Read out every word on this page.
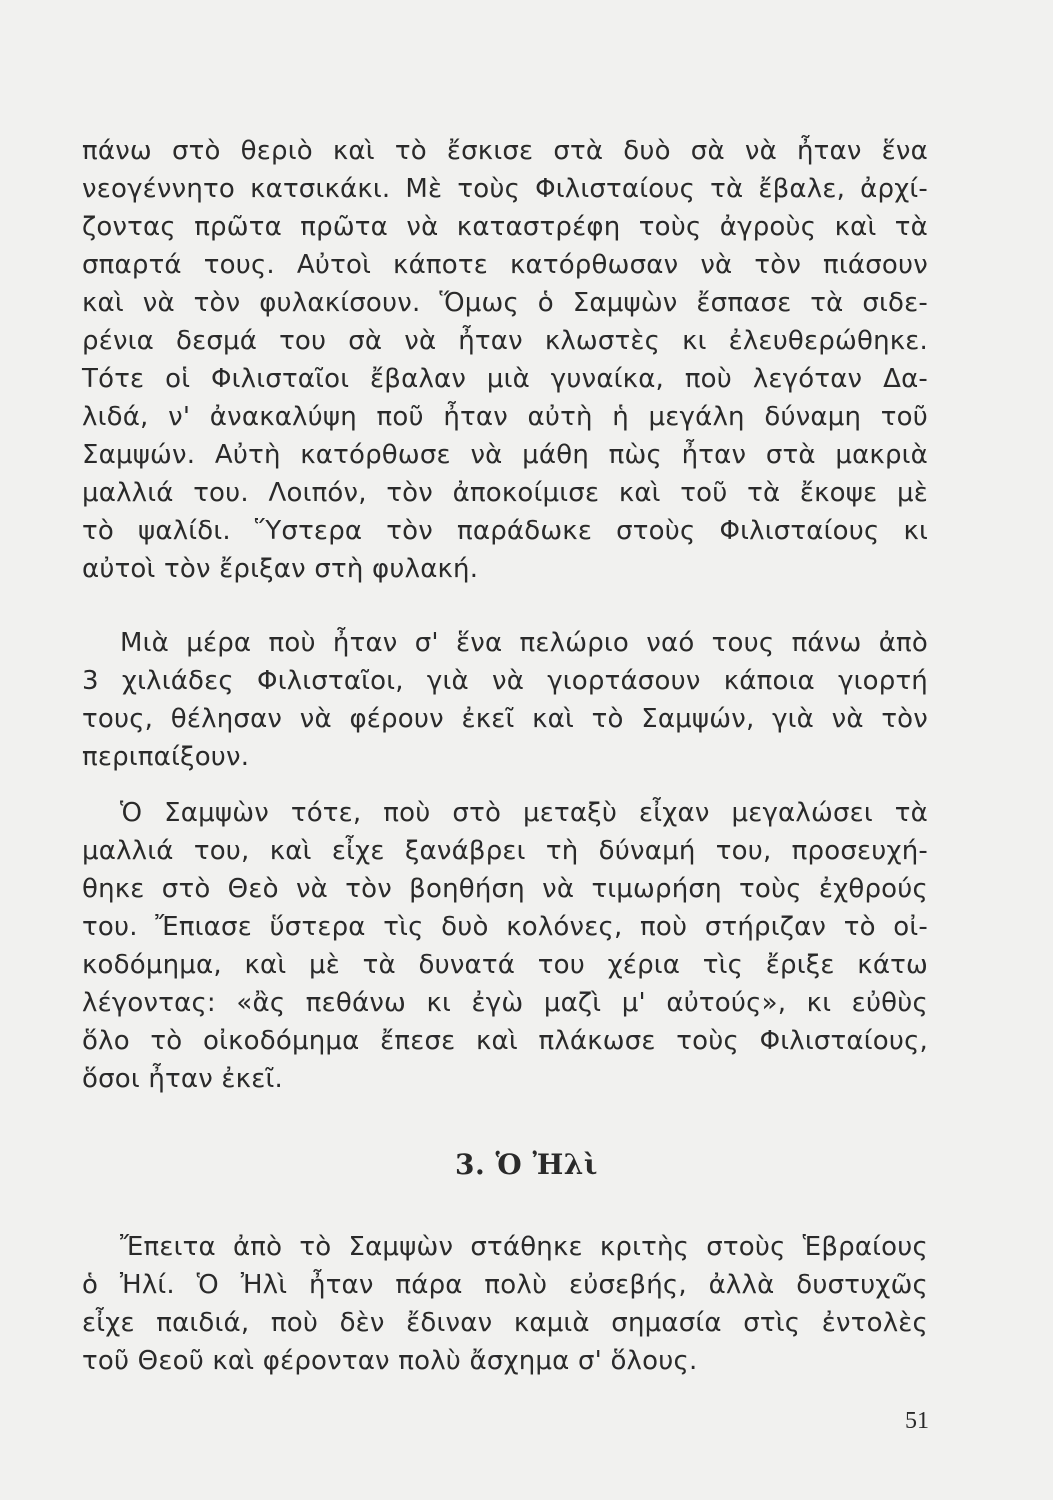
πάνω στὸ θεριὸ καὶ τὸ ἔσκισε στὰ δυὸ σὰ νὰ ἦταν ἕνα
νεογέννητο κατσικάκι. Μὲ τοὺς Φιλισταίους τὰ ἔβαλε, ἀρχί-
ζοντας πρῶτα πρῶτα νὰ καταστρέφη τοὺς ἀγροὺς καὶ τὰ
σπαρτά τους. Αὐτοὶ κάποτε κατόρθωσαν νὰ τὸν πιάσουν
καὶ νὰ τὸν φυλακίσουν. Ὅμως ὁ Σαμψὼν ἔσπασε τὰ σιδε-
ρένια δεσμά του σὰ νὰ ἦταν κλωστὲς κι ἐλευθερώθηκε.
Τότε οἱ Φιλισταῖοι ἔβαλαν μιὰ γυναίκα, ποὺ λεγόταν Δα-
λιδά, ν' ἀνακαλύψη ποῦ ἦταν αὐτὴ ἡ μεγάλη δύναμη τοῦ
Σαμψών. Αὐτὴ κατόρθωσε νὰ μάθη πὼς ἦταν στὰ μακριὰ
μαλλιά του. Λοιπόν, τὸν ἀποκοίμισε καὶ τοῦ τὰ ἔκοψε μὲ
τὸ ψαλίδι. Ὕστερα τὸν παράδωκε στοὺς Φιλισταίους κι
αὐτοὶ τὸν ἔριξαν στὴ φυλακή.
Μιὰ μέρα ποὺ ἦταν σ' ἕνα πελώριο ναό τους πάνω ἀπὸ
3 χιλιάδες Φιλισταῖοι, γιὰ νὰ γιορτάσουν κάποια γιορτή
τους, θέλησαν νὰ φέρουν ἐκεῖ καὶ τὸ Σαμψών, γιὰ νὰ τὸν
περιπαίξουν.
Ὁ Σαμψὼν τότε, ποὺ στὸ μεταξὺ εἶχαν μεγαλώσει τὰ
μαλλιά του, καὶ εἶχε ξανάβρει τὴ δύναμή του, προσευχή-
θηκε στὸ Θεὸ νὰ τὸν βοηθήση νὰ τιμωρήση τοὺς ἐχθρούς
του. Ἔπιασε ὕστερα τὶς δυὸ κολόνες, ποὺ στήριζαν τὸ οἰ-
κοδόμημα, καὶ μὲ τὰ δυνατά του χέρια τὶς ἔριξε κάτω
λέγοντας: «ἂς πεθάνω κι ἐγὼ μαζὶ μ' αὐτούς», κι εὐθὺς
ὅλο τὸ οἰκοδόμημα ἔπεσε καὶ πλάκωσε τοὺς Φιλισταίους,
ὅσοι ἦταν ἐκεῖ.
3. Ὁ Ἠλὶ
Ἔπειτα ἀπὸ τὸ Σαμψὼν στάθηκε κριτὴς στοὺς Ἑβραίους
ὁ Ἠλί. Ὁ Ἠλὶ ἦταν πάρα πολὺ εὐσεβής, ἀλλὰ δυστυχῶς
εἶχε παιδιά, ποὺ δὲν ἔδιναν καμιὰ σημασία στὶς ἐντολὲς
τοῦ Θεοῦ καὶ φέρονταν πολὺ ἄσχημα σ' ὅλους.
51
